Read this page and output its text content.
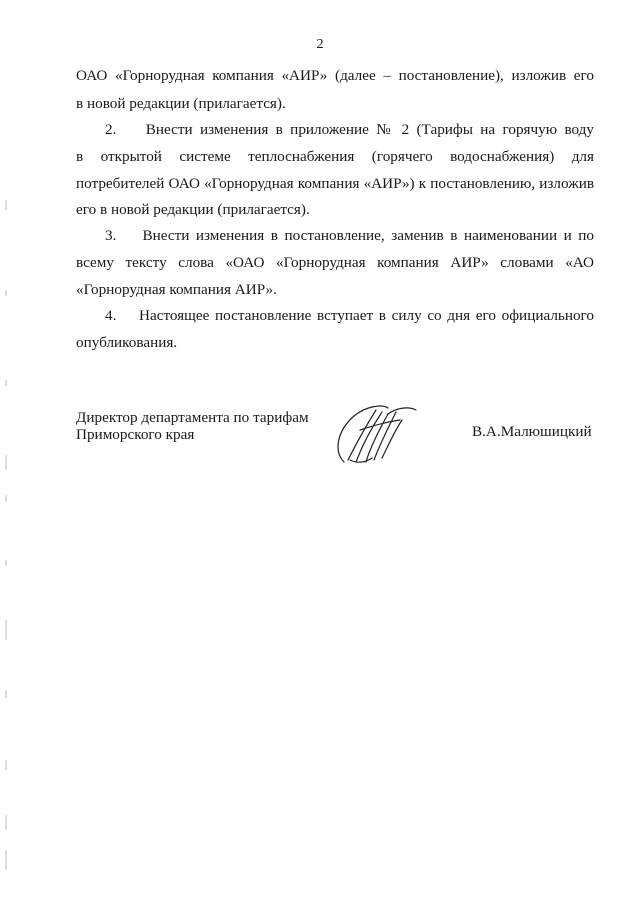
2
ОАО «Горнорудная компания «АИР» (далее – постановление), изложив его
в новой редакции (прилагается).
2.    Внести изменения в приложение № 2 (Тарифы на горячую воду
в открытой системе теплоснабжения (горячего водоснабжения) для
потребителей ОАО «Горнорудная компания «АИР») к постановлению, изложив
его в новой редакции (прилагается).
3.    Внести изменения в постановление, заменив в наименовании и по
всему тексту слова «ОАО «Горнорудная компания АИР» словами «АО
«Горнорудная компания АИР».
4.    Настоящее постановление вступает в силу со дня его официального
опубликования.
Директор департамента по тарифам
Приморского края	В.А.Малюшицкий
